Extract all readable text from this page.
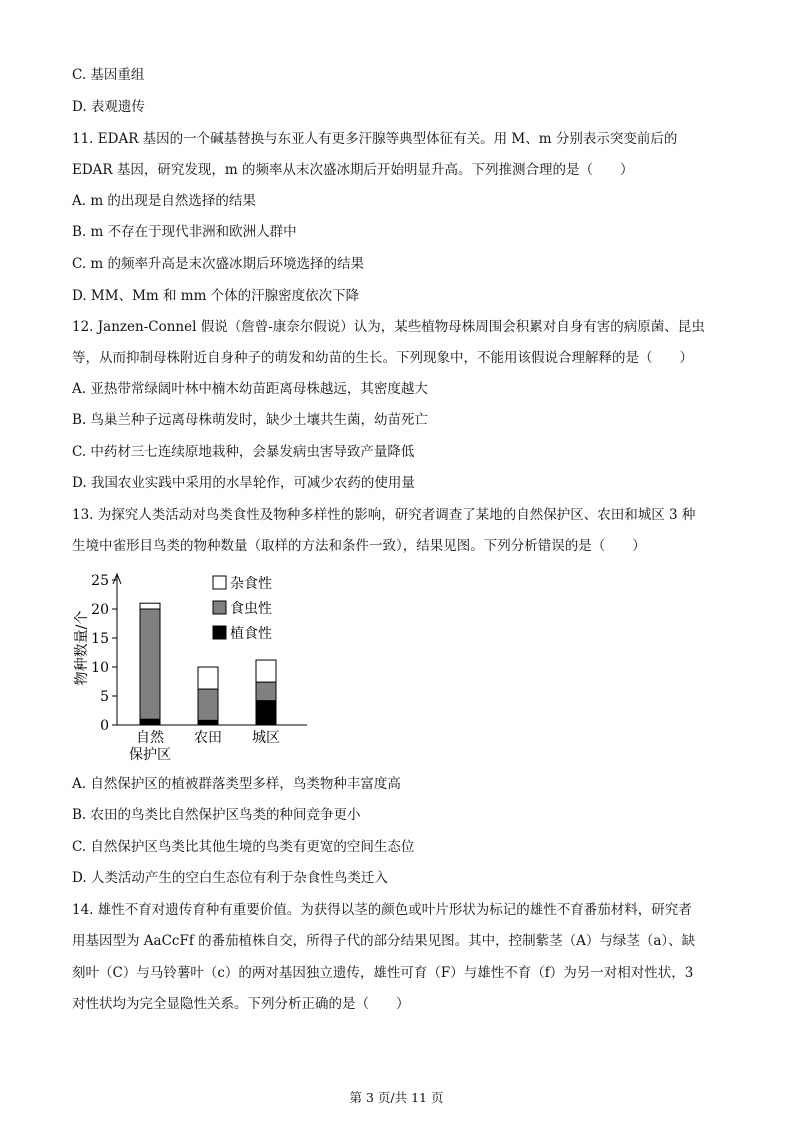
C. 基因重组
D. 表观遗传
11. EDAR 基因的一个碱基替换与东亚人有更多汗腺等典型体征有关。用 M、m 分别表示突变前后的
EDAR 基因，研究发现，m 的频率从末次盛冰期后开始明显升高。下列推测合理的是（　　）
A. m 的出现是自然选择的结果
B. m 不存在于现代非洲和欧洲人群中
C. m 的频率升高是末次盛冰期后环境选择的结果
D. MM、Mm 和 mm 个体的汗腺密度依次下降
12. Janzen-Connel 假说（詹曾-康奈尔假说）认为，某些植物母株周围会积累对自身有害的病原菌、昆虫
等，从而抑制母株附近自身种子的萌发和幼苗的生长。下列现象中，不能用该假说合理解释的是（　　）
A. 亚热带常绿阔叶林中楠木幼苗距离母株越远，其密度越大
B. 鸟巢兰种子远离母株萌发时，缺少土壤共生菌，幼苗死亡
C. 中药材三七连续原地栽种，会暴发病虫害导致产量降低
D. 我国农业实践中采用的水旱轮作，可减少农药的使用量
13. 为探究人类活动对鸟类食性及物种多样性的影响，研究者调查了某地的自然保护区、农田和城区 3 种
生境中雀形目鸟类的物种数量（取样的方法和条件一致），结果见图。下列分析错误的是（　　）
A. 自然保护区的植被群落类型多样，鸟类物种丰富度高
B. 农田的鸟类比自然保护区鸟类的种间竞争更小
C. 自然保护区鸟类比其他生境的鸟类有更宽的空间生态位
D. 人类活动产生的空白生态位有利于杂食性鸟类迁入
14. 雄性不育对遗传育种有重要价值。为获得以茎的颜色或叶片形状为标记的雄性不育番茄材料，研究者
用基因型为 AaCcFf 的番茄植株自交，所得子代的部分结果见图。其中，控制紫茎（A）与绿茎（a）、缺
刻叶（C）与马铃薯叶（c）的两对基因独立遗传，雄性可育（F）与雄性不育（f）为另一对相对性状，3
对性状均为完全显隐性关系。下列分析正确的是（　　）
物种数量/个
0
5
10
15
20
25
自然
保护区
农田 城区
杂食性
食虫性
植食性
第 3 页/共 11 页
